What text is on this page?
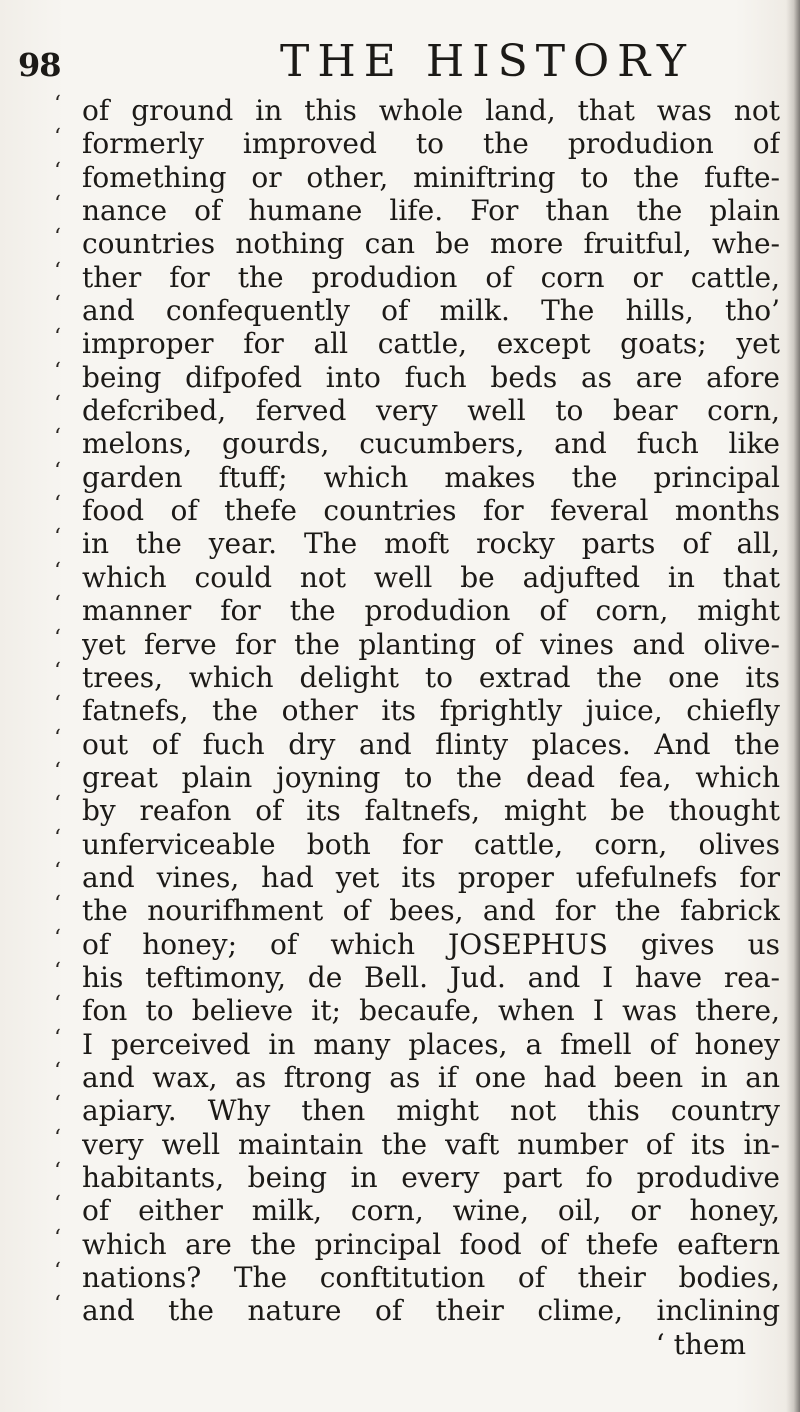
98	THE HISTORY
‘ of ground in this whole land, that was not
‘ formerly improved to the produdion of
‘ fomething or other, miniftring to the fufte-
‘ nance of humane life. For than the plain
‘ countries nothing can be more fruitful, whe-
‘ ther for the produdion of corn or cattle,
‘ and confequently of milk. The hills, tho’
‘ improper for all cattle, except goats; yet
‘ being difpofed into fuch beds as are afore
‘ defcribed, ferved very well to bear corn,
‘ melons, gourds, cucumbers, and fuch like
‘ garden ftuff; which makes the principal
‘ food of thefe countries for feveral months
‘ in the year. The moft rocky parts of all,
‘ which could not well be adjufted in that
‘ manner for the produdion of corn, might
‘ yet ferve for the planting of vines and olive-
‘ trees, which delight to extrad the one its
‘ fatnefs, the other its fprightly juice, chiefly
‘ out of fuch dry and flinty places. And the
‘ great plain joyning to the dead fea, which
‘ by reafon of its faltnefs, might be thought
‘ unferviceable both for cattle, corn, olives
‘ and vines, had yet its proper ufefulnefs for
‘ the nourifhment of bees, and for the fabrick
‘ of honey; of which JOSEPHUS gives us
‘ his teftimony, de Bell. Jud. and I have rea-
‘ fon to believe it; becaufe, when I was there,
‘ I perceived in many places, a fmell of honey
‘ and wax, as ftrong as if one had been in an
‘ apiary. Why then might not this country
‘ very well maintain the vaft number of its in-
‘ habitants, being in every part fo produdive
‘ of either milk, corn, wine, oil, or honey,
‘ which are the principal food of thefe eaftern
‘ nations? The conftitution of their bodies,
‘ and the nature of their clime, inclining
‘ them
